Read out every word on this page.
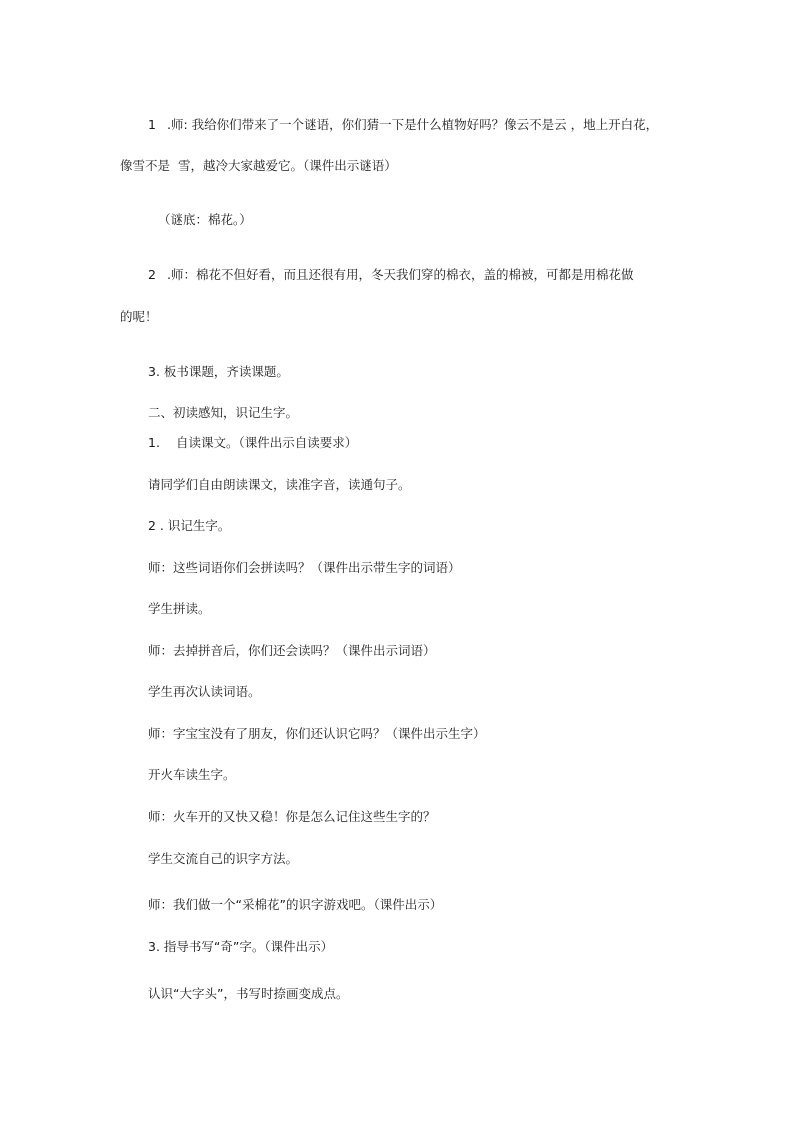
1 .师: 我给你们带来了一个谜语，你们猜一下是什么植物好吗？像云不是云 ，地上开白花，
像雪不是  雪，越冷大家越爱它。（课件出示谜语）
（谜底：棉花。）
2 .师：棉花不但好看，而且还很有用，冬天我们穿的棉衣，盖的棉被，可都是用棉花做
的呢！
3. 板书课题，齐读课题。
二、初读感知，识记生字。
1. 自读课文。（课件出示自读要求）
请同学们自由朗读课文，读准字音，读通句子。
2 . 识记生字。
师：这些词语你们会拼读吗？（课件出示带生字的词语）
学生拼读。
师：去掉拼音后，你们还会读吗？（课件出示词语）
学生再次认读词语。
师：字宝宝没有了朋友，你们还认识它吗？（课件出示生字）
开火车读生字。
师：火车开的又快又稳！你是怎么记住这些生字的？
学生交流自己的识字方法。
师：我们做一个“采棉花”的识字游戏吧。（课件出示）
3. 指导书写“奇”字。（课件出示）
认识“大字头”，书写时捺画变成点。
